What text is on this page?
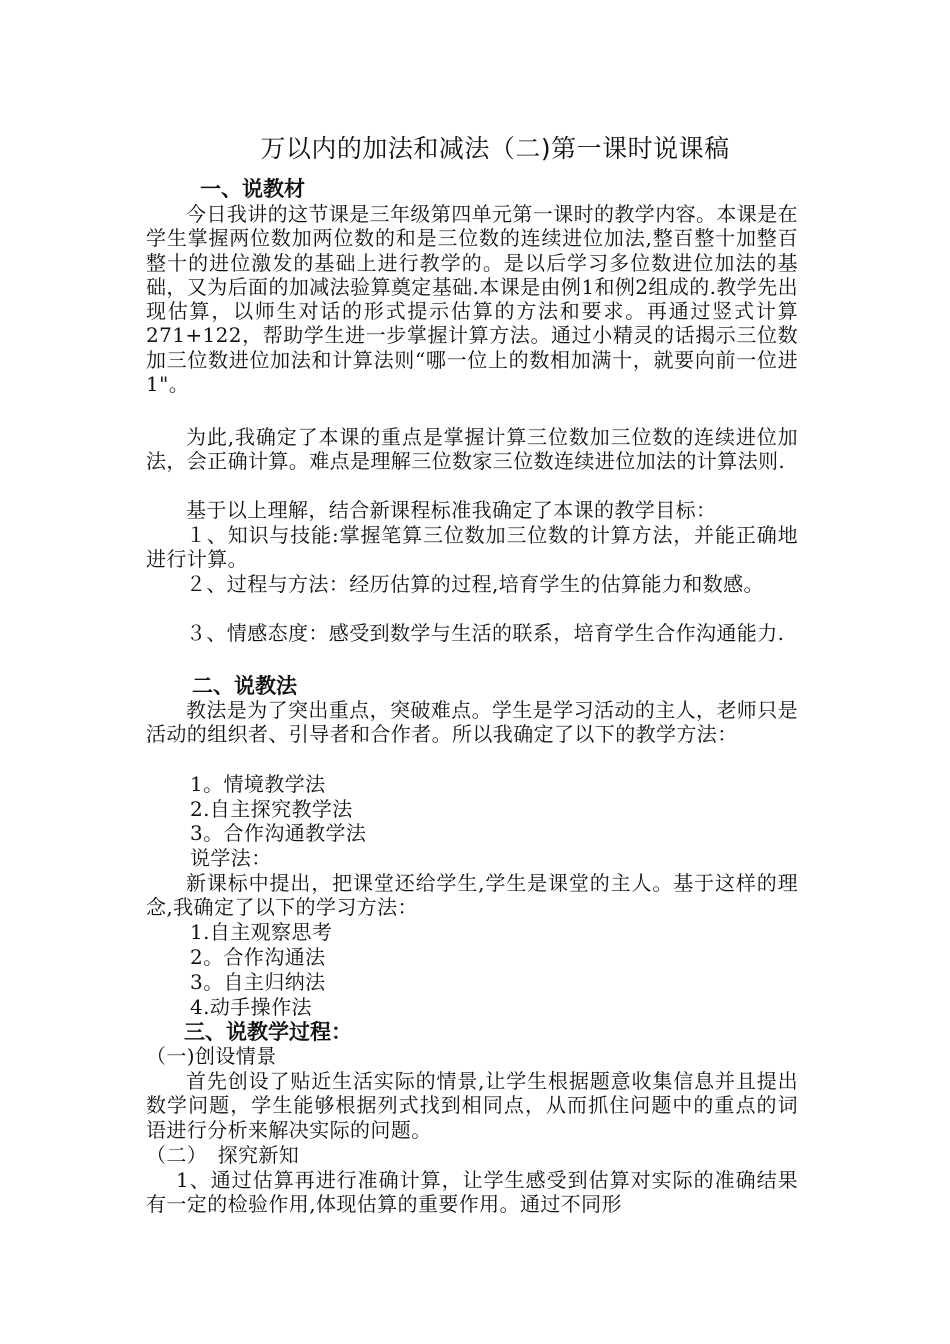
万以内的加法和减法（二)第一课时说课稿
一、说教材
今日我讲的这节课是三年级第四单元第一课时的教学内容。本课是在学生掌握两位数加两位数的和是三位数的连续进位加法,整百整十加整百整十的进位激发的基础上进行教学的。是以后学习多位数进位加法的基础，又为后面的加减法验算奠定基础.本课是由例1和例2组成的.教学先出现估算，以师生对话的形式提示估算的方法和要求。再通过竖式计算271+122，帮助学生进一步掌握计算方法。通过小精灵的话揭示三位数加三位数进位加法和计算法则“哪一位上的数相加满十，就要向前一位进1"。
为此,我确定了本课的重点是掌握计算三位数加三位数的连续进位加法，会正确计算。难点是理解三位数家三位数连续进位加法的计算法则.
基于以上理解，结合新课程标准我确定了本课的教学目标：
１、知识与技能:掌握笔算三位数加三位数的计算方法，并能正确地进行计算。
２、过程与方法：经历估算的过程,培育学生的估算能力和数感。
３、情感态度：感受到数学与生活的联系，培育学生合作沟通能力.
二、说教法
教法是为了突出重点，突破难点。学生是学习活动的主人，老师只是活动的组织者、引导者和合作者。所以我确定了以下的教学方法：
1。情境教学法
2.自主探究教学法
3。合作沟通教学法
说学法：
新课标中提出，把课堂还给学生,学生是课堂的主人。基于这样的理念,我确定了以下的学习方法：
1.自主观察思考
2。合作沟通法
3。自主归纳法
4.动手操作法
三、说教学过程：
（一)创设情景
首先创设了贴近生活实际的情景,让学生根据题意收集信息并且提出数学问题，学生能够根据列式找到相同点，从而抓住问题中的重点的词语进行分析来解决实际的问题。
（二）　探究新知
1、通过估算再进行准确计算，让学生感受到估算对实际的准确结果有一定的检验作用,体现估算的重要作用。通过不同形
